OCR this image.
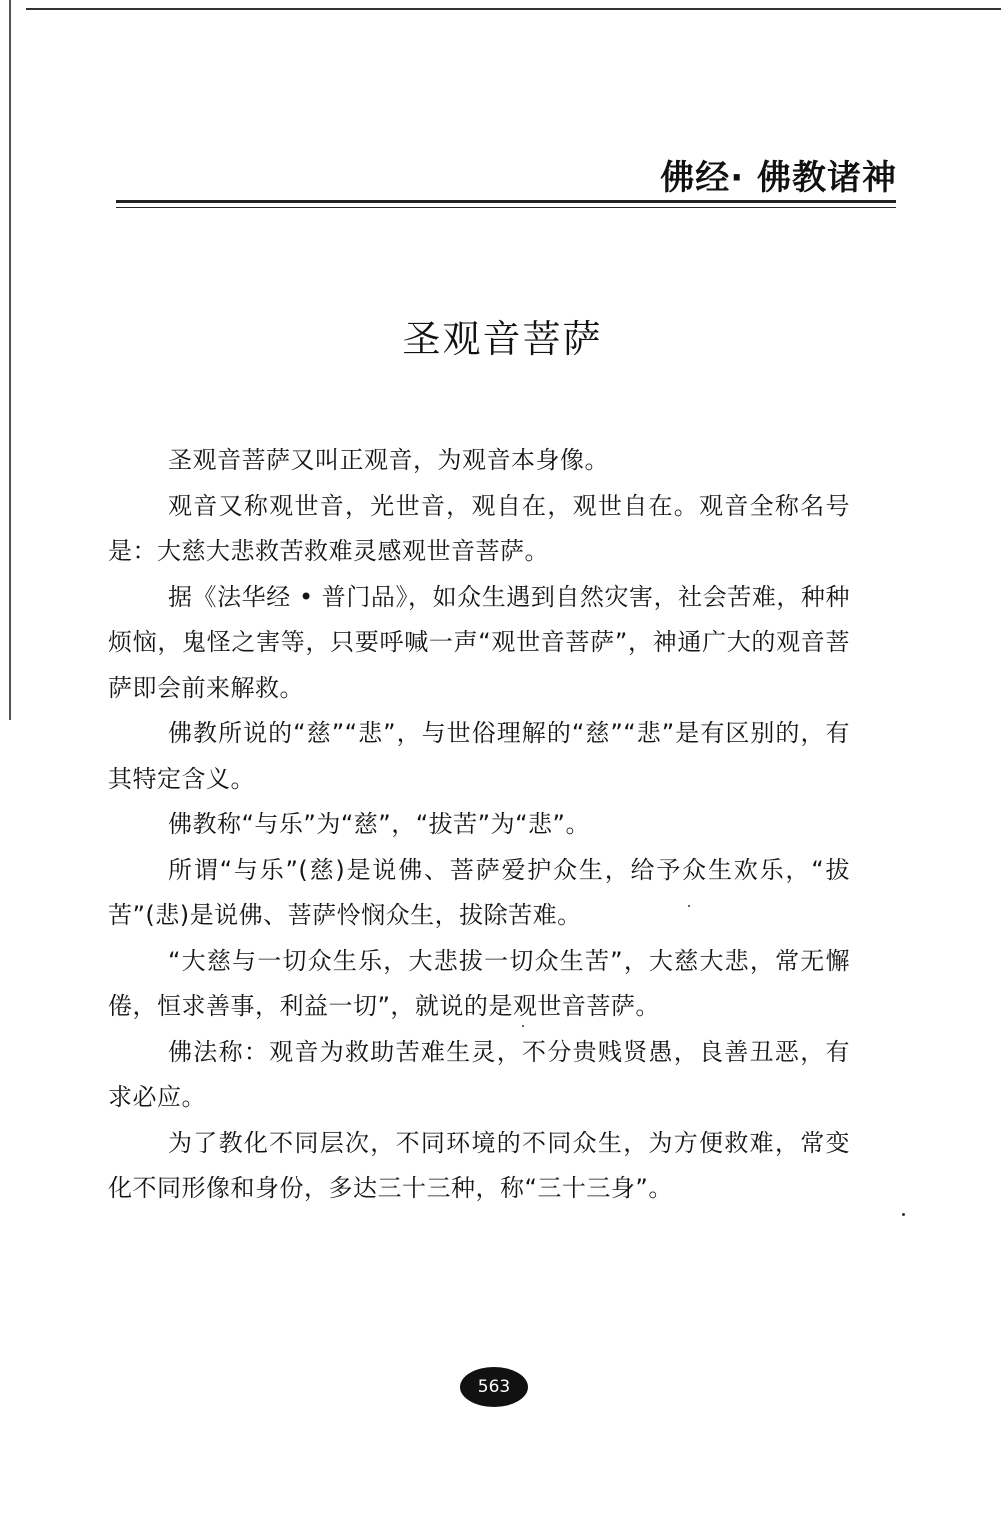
佛经· 佛教诸神
圣观音菩萨

圣观音菩萨又叫正观音，为观音本身像。

观音又称观世音，光世音，观自在，观世自在。观音全称名号是：大慈大悲救苦救难灵感观世音菩萨。

据《法华经 • 普门品》，如众生遇到自然灾害，社会苦难，种种烦恼，鬼怪之害等，只要呼喊一声“观世音菩萨”，神通广大的观音菩萨即会前来解救。

佛教所说的“慈”“悲”，与世俗理解的“慈”“悲”是有区别的，有其特定含义。

佛教称“与乐”为“慈”，“拔苦”为“悲”。

所谓“与乐”(慈)是说佛、菩萨爱护众生，给予众生欢乐，“拔苦”(悲)是说佛、菩萨怜悯众生，拔除苦难。

“大慈与一切众生乐，大悲拔一切众生苦”，大慈大悲，常无懈倦，恒求善事，利益一切”，就说的是观世音菩萨。

佛法称：观音为救助苦难生灵，不分贵贱贤愚，良善丑恶，有求必应。

为了教化不同层次，不同环境的不同众生，为方便救难，常变化不同形像和身份，多达三十三种，称“三十三身”。

563
